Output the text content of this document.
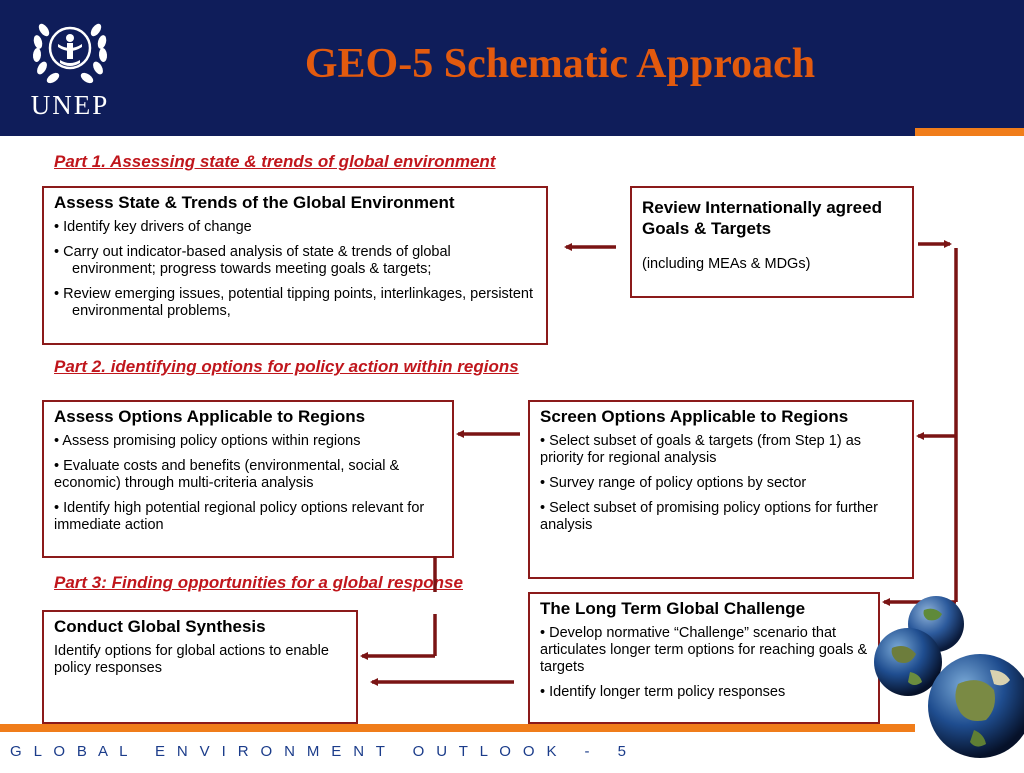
UNEP
GEO-5 Schematic Approach
Part 1. Assessing state & trends of global environment
Part 2. identifying options for policy action within regions
Part 3: Finding opportunities for a global response
Assess State & Trends of the Global Environment
• Identify key drivers of change
• Carry out indicator-based analysis of state & trends of global environment; progress towards meeting goals & targets;
• Review emerging issues, potential tipping points, interlinkages, persistent environmental problems,
Review Internationally agreed Goals & Targets

(including MEAs & MDGs)

Assess Options Applicable to Regions
• Assess promising policy options within regions
• Evaluate costs and benefits (environmental, social & economic) through multi-criteria analysis
• Identify high potential regional policy options relevant for immediate action
Screen Options Applicable to Regions
• Select subset of goals & targets (from Step 1) as priority for regional analysis
• Survey range of policy options by sector
• Select subset of promising policy options for further analysis
Conduct Global Synthesis

Identify options for global actions to enable policy responses

The Long Term Global Challenge
• Develop normative “Challenge” scenario that articulates longer term options for reaching goals & targets
• Identify longer term policy responses
G  L  O  B  A  L     E  N  V  I  R  O  N  M  E  N  T     O  U  T  L  O  O  K     -     5
